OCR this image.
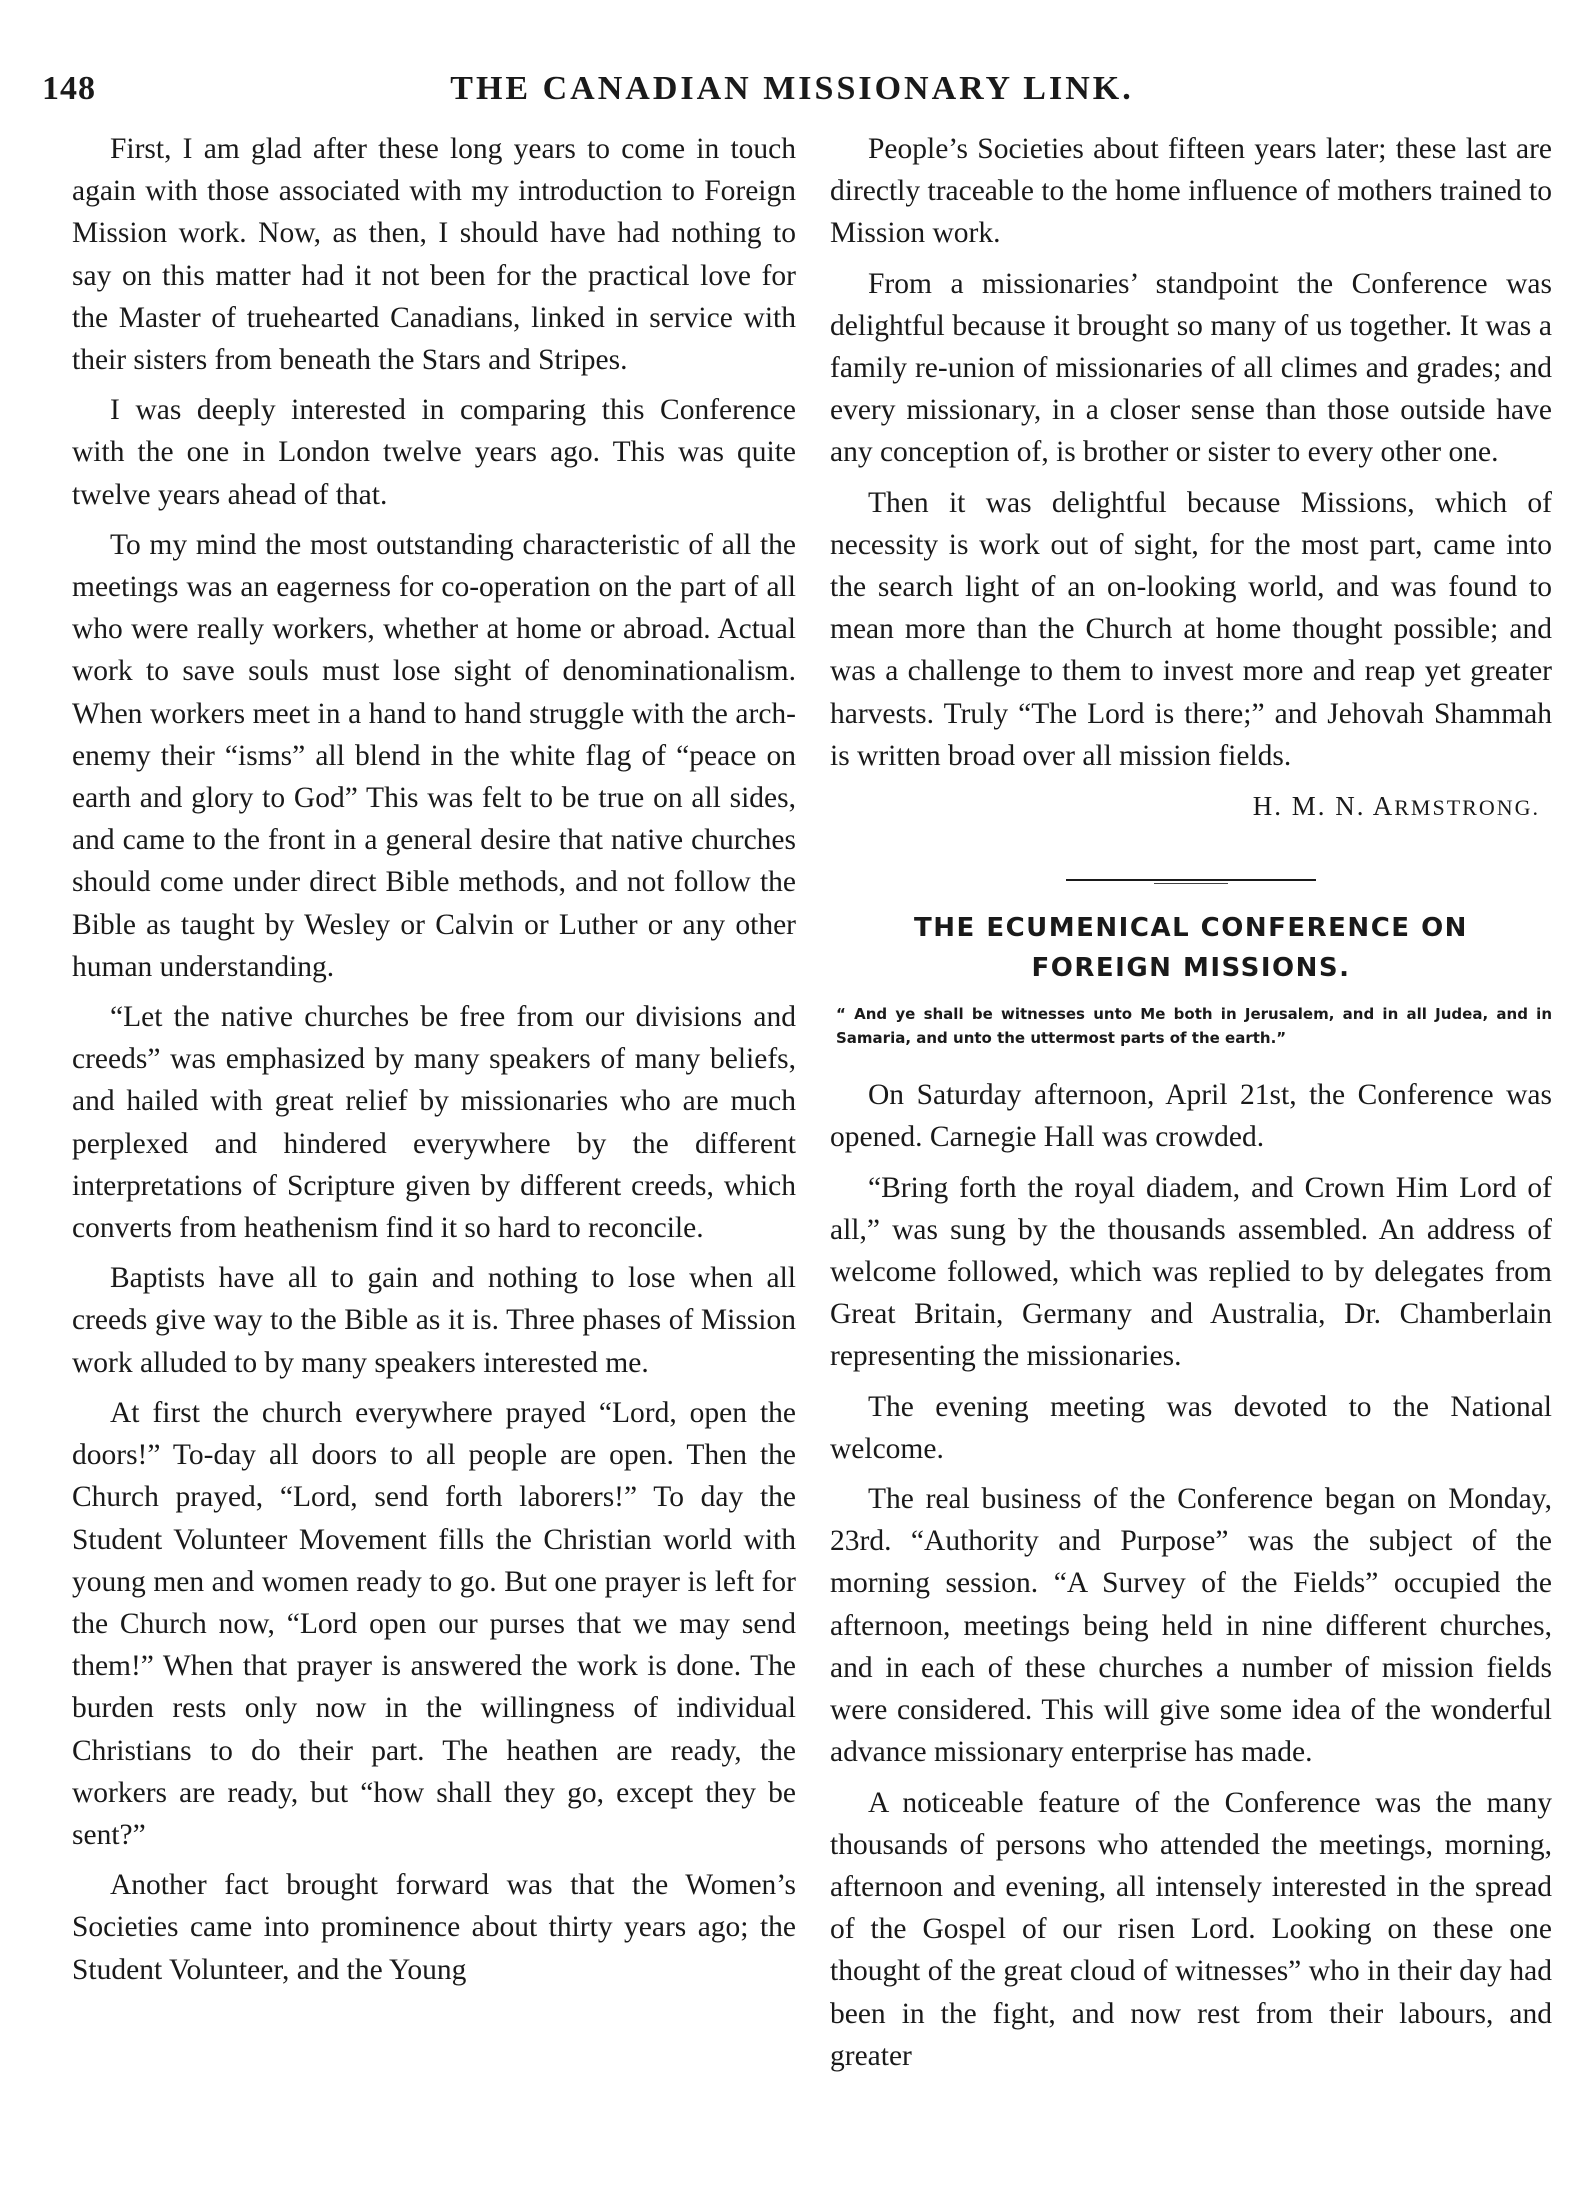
148	THE CANADIAN MISSIONARY LINK.

First, I am glad after these long years to come in touch again with those associated with my introduction to Foreign Mission work. Now, as then, I should have had nothing to say on this matter had it not been for the practical love for the Master of truehearted Canadians, linked in service with their sisters from beneath the Stars and Stripes.

I was deeply interested in comparing this Conference with the one in London twelve years ago. This was quite twelve years ahead of that.

To my mind the most outstanding characteristic of all the meetings was an eagerness for co-operation on the part of all who were really workers, whether at home or abroad. Actual work to save souls must lose sight of denominationalism. When workers meet in a hand to hand struggle with the arch-enemy their “isms” all blend in the white flag of “peace on earth and glory to God” This was felt to be true on all sides, and came to the front in a general desire that native churches should come under direct Bible methods, and not follow the Bible as taught by Wesley or Calvin or Luther or any other human understanding.

“Let the native churches be free from our divisions and creeds” was emphasized by many speakers of many beliefs, and hailed with great relief by missionaries who are much perplexed and hindered everywhere by the different interpretations of Scripture given by different creeds, which converts from heathenism find it so hard to reconcile.

Baptists have all to gain and nothing to lose when all creeds give way to the Bible as it is. Three phases of Mission work alluded to by many speakers interested me.

At first the church everywhere prayed “Lord, open the doors!” To-day all doors to all people are open. Then the Church prayed, “Lord, send forth laborers!” To day the Student Volunteer Movement fills the Christian world with young men and women ready to go. But one prayer is left for the Church now, “Lord open our purses that we may send them!” When that prayer is answered the work is done. The burden rests only now in the willingness of individual Christians to do their part. The heathen are ready, the workers are ready, but “how shall they go, except they be sent?”

Another fact brought forward was that the Women’s Societies came into prominence about thirty years ago; the Student Volunteer, and the Young

People’s Societies about fifteen years later; these last are directly traceable to the home influence of mothers trained to Mission work.

From a missionaries’ standpoint the Conference was delightful because it brought so many of us together. It was a family re-union of missionaries of all climes and grades; and every missionary, in a closer sense than those outside have any conception of, is brother or sister to every other one.

Then it was delightful because Missions, which of necessity is work out of sight, for the most part, came into the search light of an on-looking world, and was found to mean more than the Church at home thought possible; and was a challenge to them to invest more and reap yet greater harvests. Truly “The Lord is there;” and Jehovah Shammah is written broad over all mission fields.

H. M. N. ARMSTRONG.
THE ECUMENICAL CONFERENCE ON FOREIGN MISSIONS.
“ And ye shall be witnesses unto Me both in Jerusalem, and in all Judea, and in Samaria, and unto the uttermost parts of the earth.”

On Saturday afternoon, April 21st, the Conference was opened. Carnegie Hall was crowded.

“Bring forth the royal diadem, and Crown Him Lord of all,” was sung by the thousands assembled. An address of welcome followed, which was replied to by delegates from Great Britain, Germany and Australia, Dr. Chamberlain representing the missionaries.

The evening meeting was devoted to the National welcome.

The real business of the Conference began on Monday, 23rd. “Authority and Purpose” was the subject of the morning session. “A Survey of the Fields” occupied the afternoon, meetings being held in nine different churches, and in each of these churches a number of mission fields were considered. This will give some idea of the wonderful advance missionary enterprise has made.

A noticeable feature of the Conference was the many thousands of persons who attended the meetings, morning, afternoon and evening, all intensely interested in the spread of the Gospel of our risen Lord. Looking on these one thought of the great cloud of witnesses” who in their day had been in the fight, and now rest from their labours, and greater
